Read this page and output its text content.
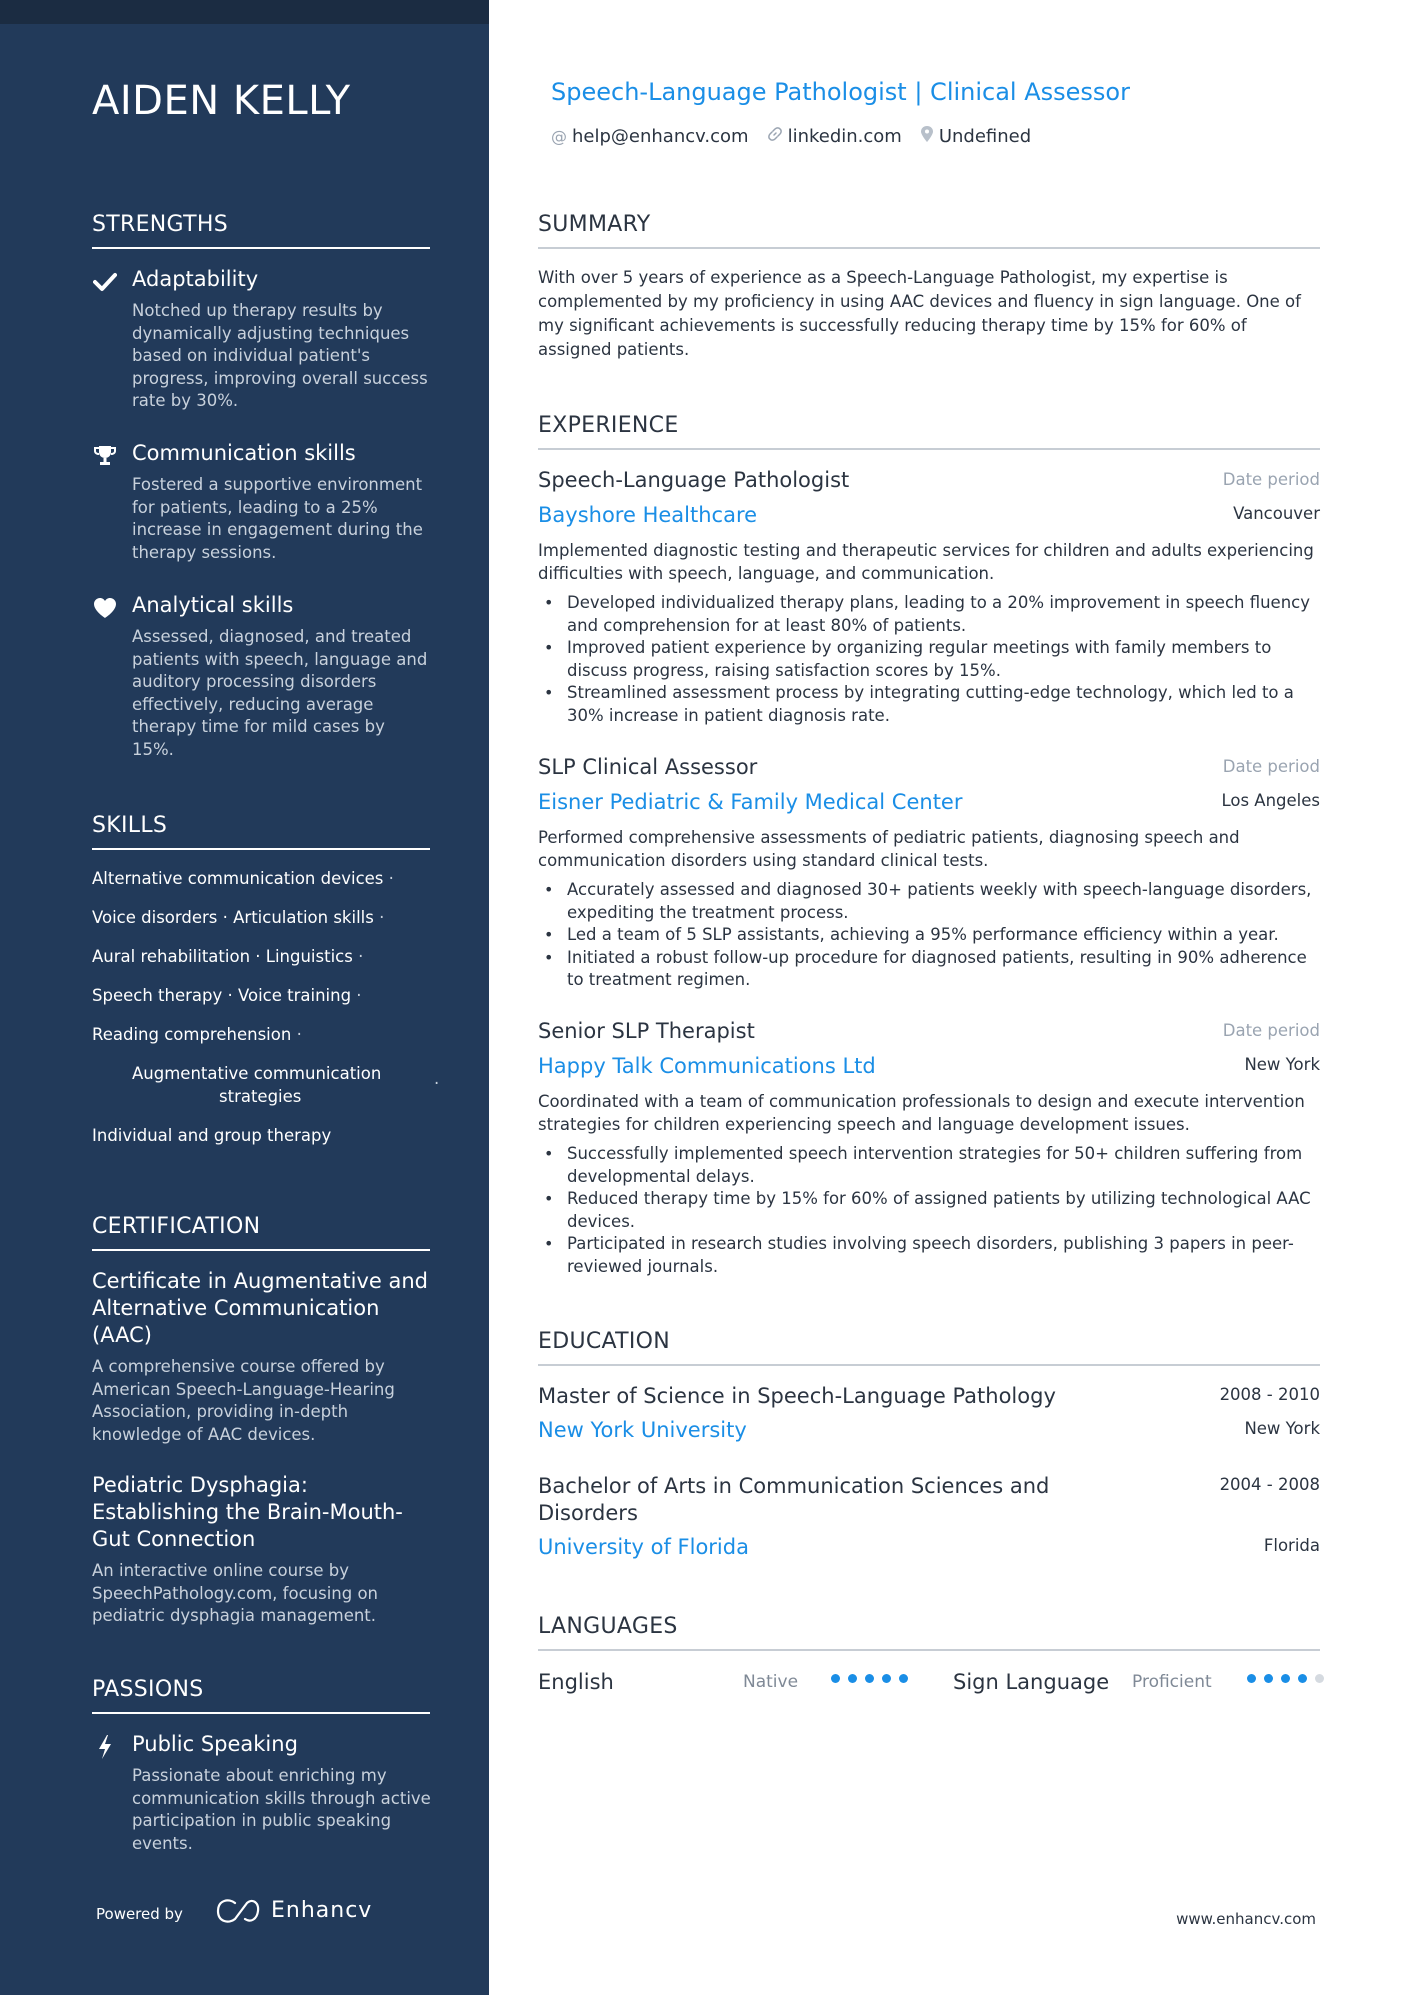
AIDEN KELLY
STRENGTHS
Adaptability
Notched up therapy results by dynamically adjusting techniques based on individual patient's progress, improving overall success rate by 30%.
Communication skills
Fostered a supportive environment for patients, leading to a 25% increase in engagement during the therapy sessions.
Analytical skills
Assessed, diagnosed, and treated patients with speech, language and auditory processing disorders effectively, reducing average therapy time for mild cases by 15%.
SKILLS
Alternative communication devices ·
Voice disorders · Articulation skills ·
Aural rehabilitation · Linguistics ·
Speech therapy · Voice training ·
Reading comprehension ·
Augmentative communication
strategies
·
Individual and group therapy
CERTIFICATION
Certificate in Augmentative and Alternative Communication (AAC)
A comprehensive course offered by American Speech-Language-Hearing Association, providing in-depth knowledge of AAC devices.
Pediatric Dysphagia: Establishing the Brain-Mouth-Gut Connection
An interactive online course by SpeechPathology.com, focusing on pediatric dysphagia management.
PASSIONS
Public Speaking
Passionate about enriching my communication skills through active participation in public speaking events.
Powered by	Enhancv
Speech-Language Pathologist | Clinical Assessor
@ help@enhancv.com linkedin.com Undefined
SUMMARY
With over 5 years of experience as a Speech-Language Pathologist, my expertise is complemented by my proficiency in using AAC devices and fluency in sign language. One of my significant achievements is successfully reducing therapy time by 15% for 60% of assigned patients.
EXPERIENCE
Speech-Language Pathologist	Date period
Bayshore Healthcare	Vancouver
Implemented diagnostic testing and therapeutic services for children and adults experiencing difficulties with speech, language, and communication.
• Developed individualized therapy plans, leading to a 20% improvement in speech fluency and comprehension for at least 80% of patients.
• Improved patient experience by organizing regular meetings with family members to discuss progress, raising satisfaction scores by 15%.
• Streamlined assessment process by integrating cutting-edge technology, which led to a 30% increase in patient diagnosis rate.
SLP Clinical Assessor	Date period
Eisner Pediatric & Family Medical Center	Los Angeles
Performed comprehensive assessments of pediatric patients, diagnosing speech and communication disorders using standard clinical tests.
• Accurately assessed and diagnosed 30+ patients weekly with speech-language disorders, expediting the treatment process.
• Led a team of 5 SLP assistants, achieving a 95% performance efficiency within a year.
• Initiated a robust follow-up procedure for diagnosed patients, resulting in 90% adherence to treatment regimen.
Senior SLP Therapist	Date period
Happy Talk Communications Ltd	New York
Coordinated with a team of communication professionals to design and execute intervention strategies for children experiencing speech and language development issues.
• Successfully implemented speech intervention strategies for 50+ children suffering from developmental delays.
• Reduced therapy time by 15% for 60% of assigned patients by utilizing technological AAC devices.
• Participated in research studies involving speech disorders, publishing 3 papers in peer-reviewed journals.
EDUCATION
Master of Science in Speech-Language Pathology	2008 - 2010
New York University	New York
Bachelor of Arts in Communication Sciences and Disorders
2004 - 2008
University of Florida	Florida
LANGUAGES
English	Native	Sign Language Proficient
www.enhancv.com
